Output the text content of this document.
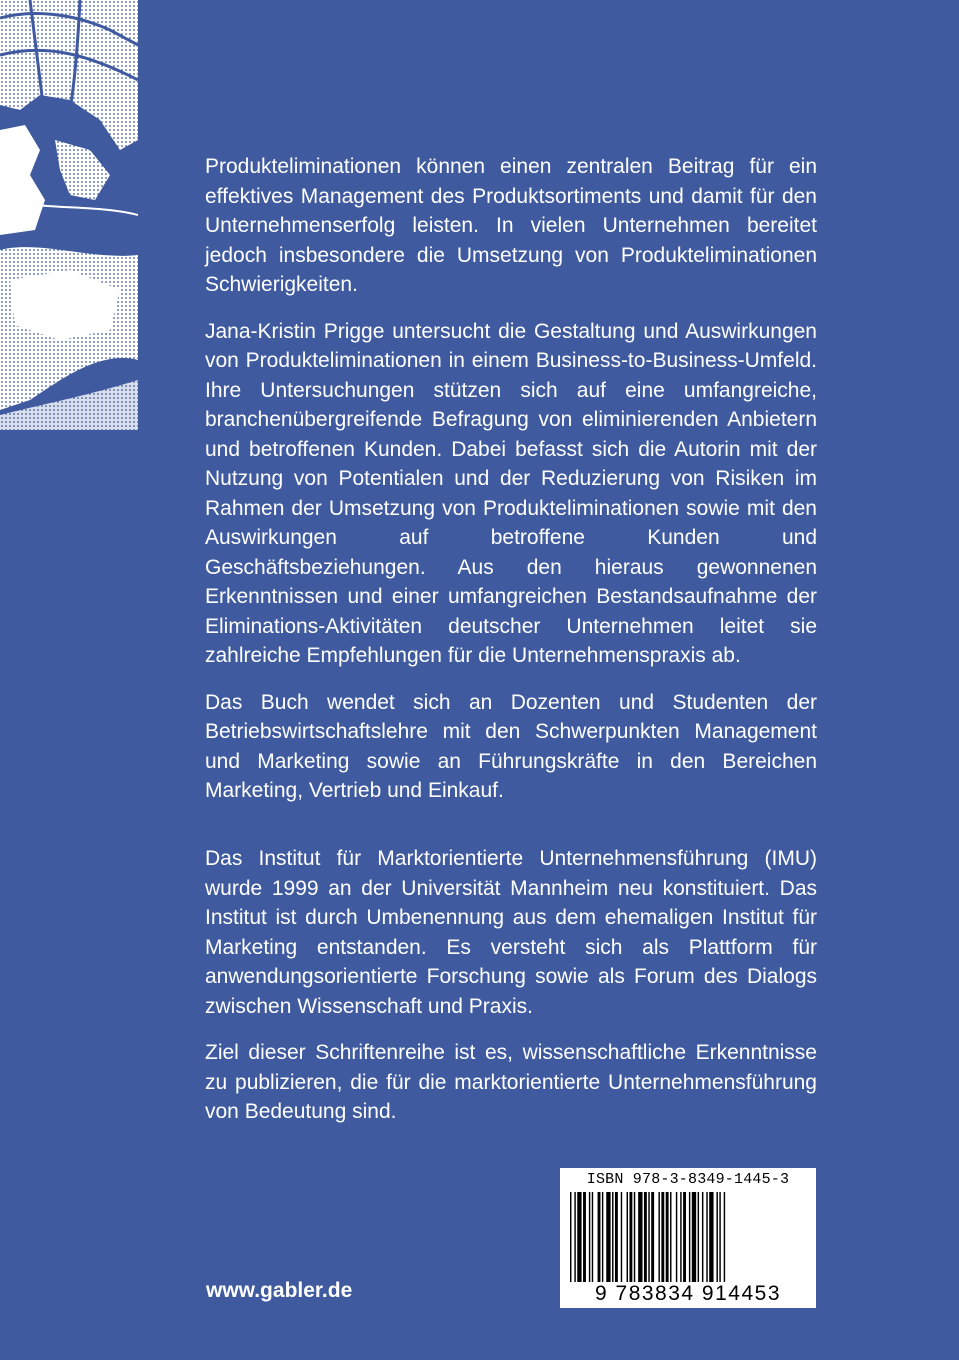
Produkteliminationen können einen zentralen Beitrag für ein effektives Management des Produktsortiments und damit für den Unternehmenserfolg leisten. In vielen Unternehmen bereitet jedoch insbesondere die Umsetzung von Produkteliminationen Schwierigkeiten.

Jana-Kristin Prigge untersucht die Gestaltung und Auswirkungen von Produkteliminationen in einem Business-to-Business-Umfeld. Ihre Untersuchungen stützen sich auf eine umfangreiche, branchenübergreifende Befragung von eliminierenden Anbietern und betroffenen Kunden. Dabei befasst sich die Autorin mit der Nutzung von Potentialen und der Reduzierung von Risiken im Rahmen der Umsetzung von Produkteliminationen sowie mit den Auswirkungen auf betroffene Kunden und Geschäftsbeziehungen. Aus den hieraus gewonnenen Erkenntnissen und einer umfangreichen Bestandsaufnahme der Eliminations-Aktivitäten deutscher Unternehmen leitet sie zahlreiche Empfehlungen für die Unternehmenspraxis ab.

Das Buch wendet sich an Dozenten und Studenten der Betriebswirtschaftslehre mit den Schwerpunkten Management und Marketing sowie an Führungskräfte in den Bereichen Marketing, Vertrieb und Einkauf.

Das Institut für Marktorientierte Unternehmensführung (IMU) wurde 1999 an der Universität Mannheim neu konstituiert. Das Institut ist durch Umbenennung aus dem ehemaligen Institut für Marketing entstanden. Es versteht sich als Plattform für anwendungsorientierte Forschung sowie als Forum des Dialogs zwischen Wissenschaft und Praxis.

Ziel dieser Schriftenreihe ist es, wissenschaftliche Erkenntnisse zu publizieren, die für die marktorientierte Unternehmensführung von Bedeutung sind.

ISBN 978-3-8349-1445-3
9 783834 914453
www.gabler.de
